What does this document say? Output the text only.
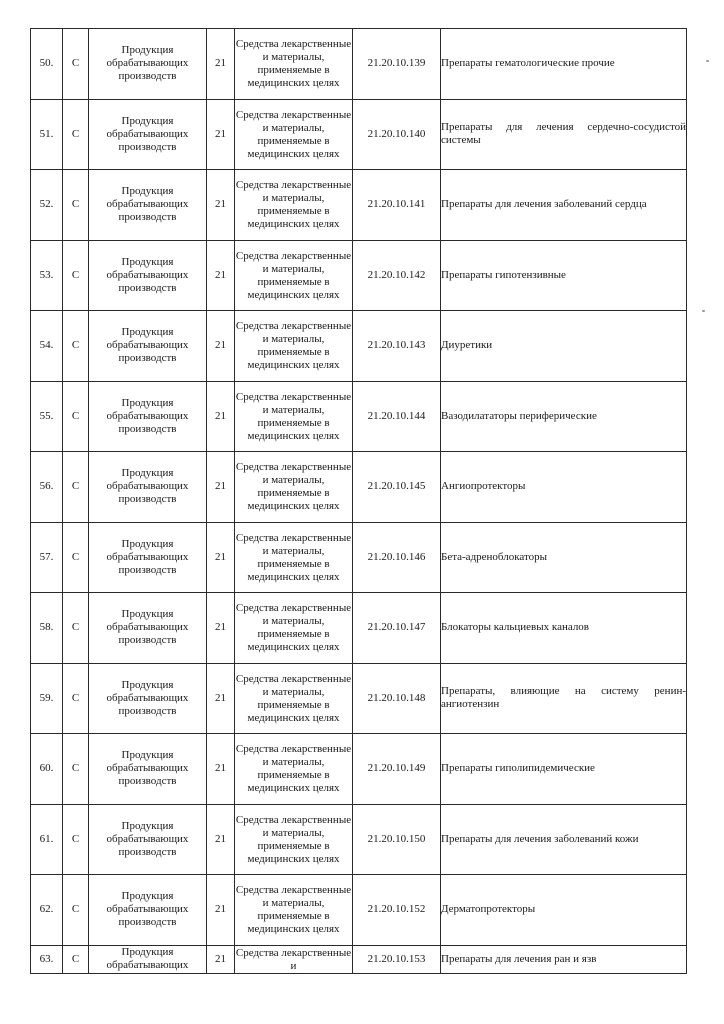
50.	C	Продукция обрабатывающих производств	21	Средства лекарственные и материалы, применяемые в медицинских целях	21.20.10.139	Препараты гематологические прочие
51.	C	Продукция обрабатывающих производств	21	Средства лекарственные и материалы, применяемые в медицинских целях	21.20.10.140	Препараты для лечения сердечно-сосудистой системы
52.	C	Продукция обрабатывающих производств	21	Средства лекарственные и материалы, применяемые в медицинских целях	21.20.10.141	Препараты для лечения заболеваний сердца
53.	C	Продукция обрабатывающих производств	21	Средства лекарственные и материалы, применяемые в медицинских целях	21.20.10.142	Препараты гипотензивные
54.	C	Продукция обрабатывающих производств	21	Средства лекарственные и материалы, применяемые в медицинских целях	21.20.10.143	Диуретики
55.	C	Продукция обрабатывающих производств	21	Средства лекарственные и материалы, применяемые в медицинских целях	21.20.10.144	Вазодилататоры периферические
56.	C	Продукция обрабатывающих производств	21	Средства лекарственные и материалы, применяемые в медицинских целях	21.20.10.145	Ангиопротекторы
57.	C	Продукция обрабатывающих производств	21	Средства лекарственные и материалы, применяемые в медицинских целях	21.20.10.146	Бета-адреноблокаторы
58.	C	Продукция обрабатывающих производств	21	Средства лекарственные и материалы, применяемые в медицинских целях	21.20.10.147	Блокаторы кальциевых каналов
59.	C	Продукция обрабатывающих производств	21	Средства лекарственные и материалы, применяемые в медицинских целях	21.20.10.148	Препараты, влияющие на систему ренин-ангиотензин
60.	C	Продукция обрабатывающих производств	21	Средства лекарственные и материалы, применяемые в медицинских целях	21.20.10.149	Препараты гиполипидемические
61.	C	Продукция обрабатывающих производств	21	Средства лекарственные и материалы, применяемые в медицинских целях	21.20.10.150	Препараты для лечения заболеваний кожи
62.	C	Продукция обрабатывающих производств	21	Средства лекарственные и материалы, применяемые в медицинских целях	21.20.10.152	Дерматопротекторы
63.	C	Продукция обрабатывающих	21	Средства лекарственные и	21.20.10.153	Препараты для лечения ран и язв
